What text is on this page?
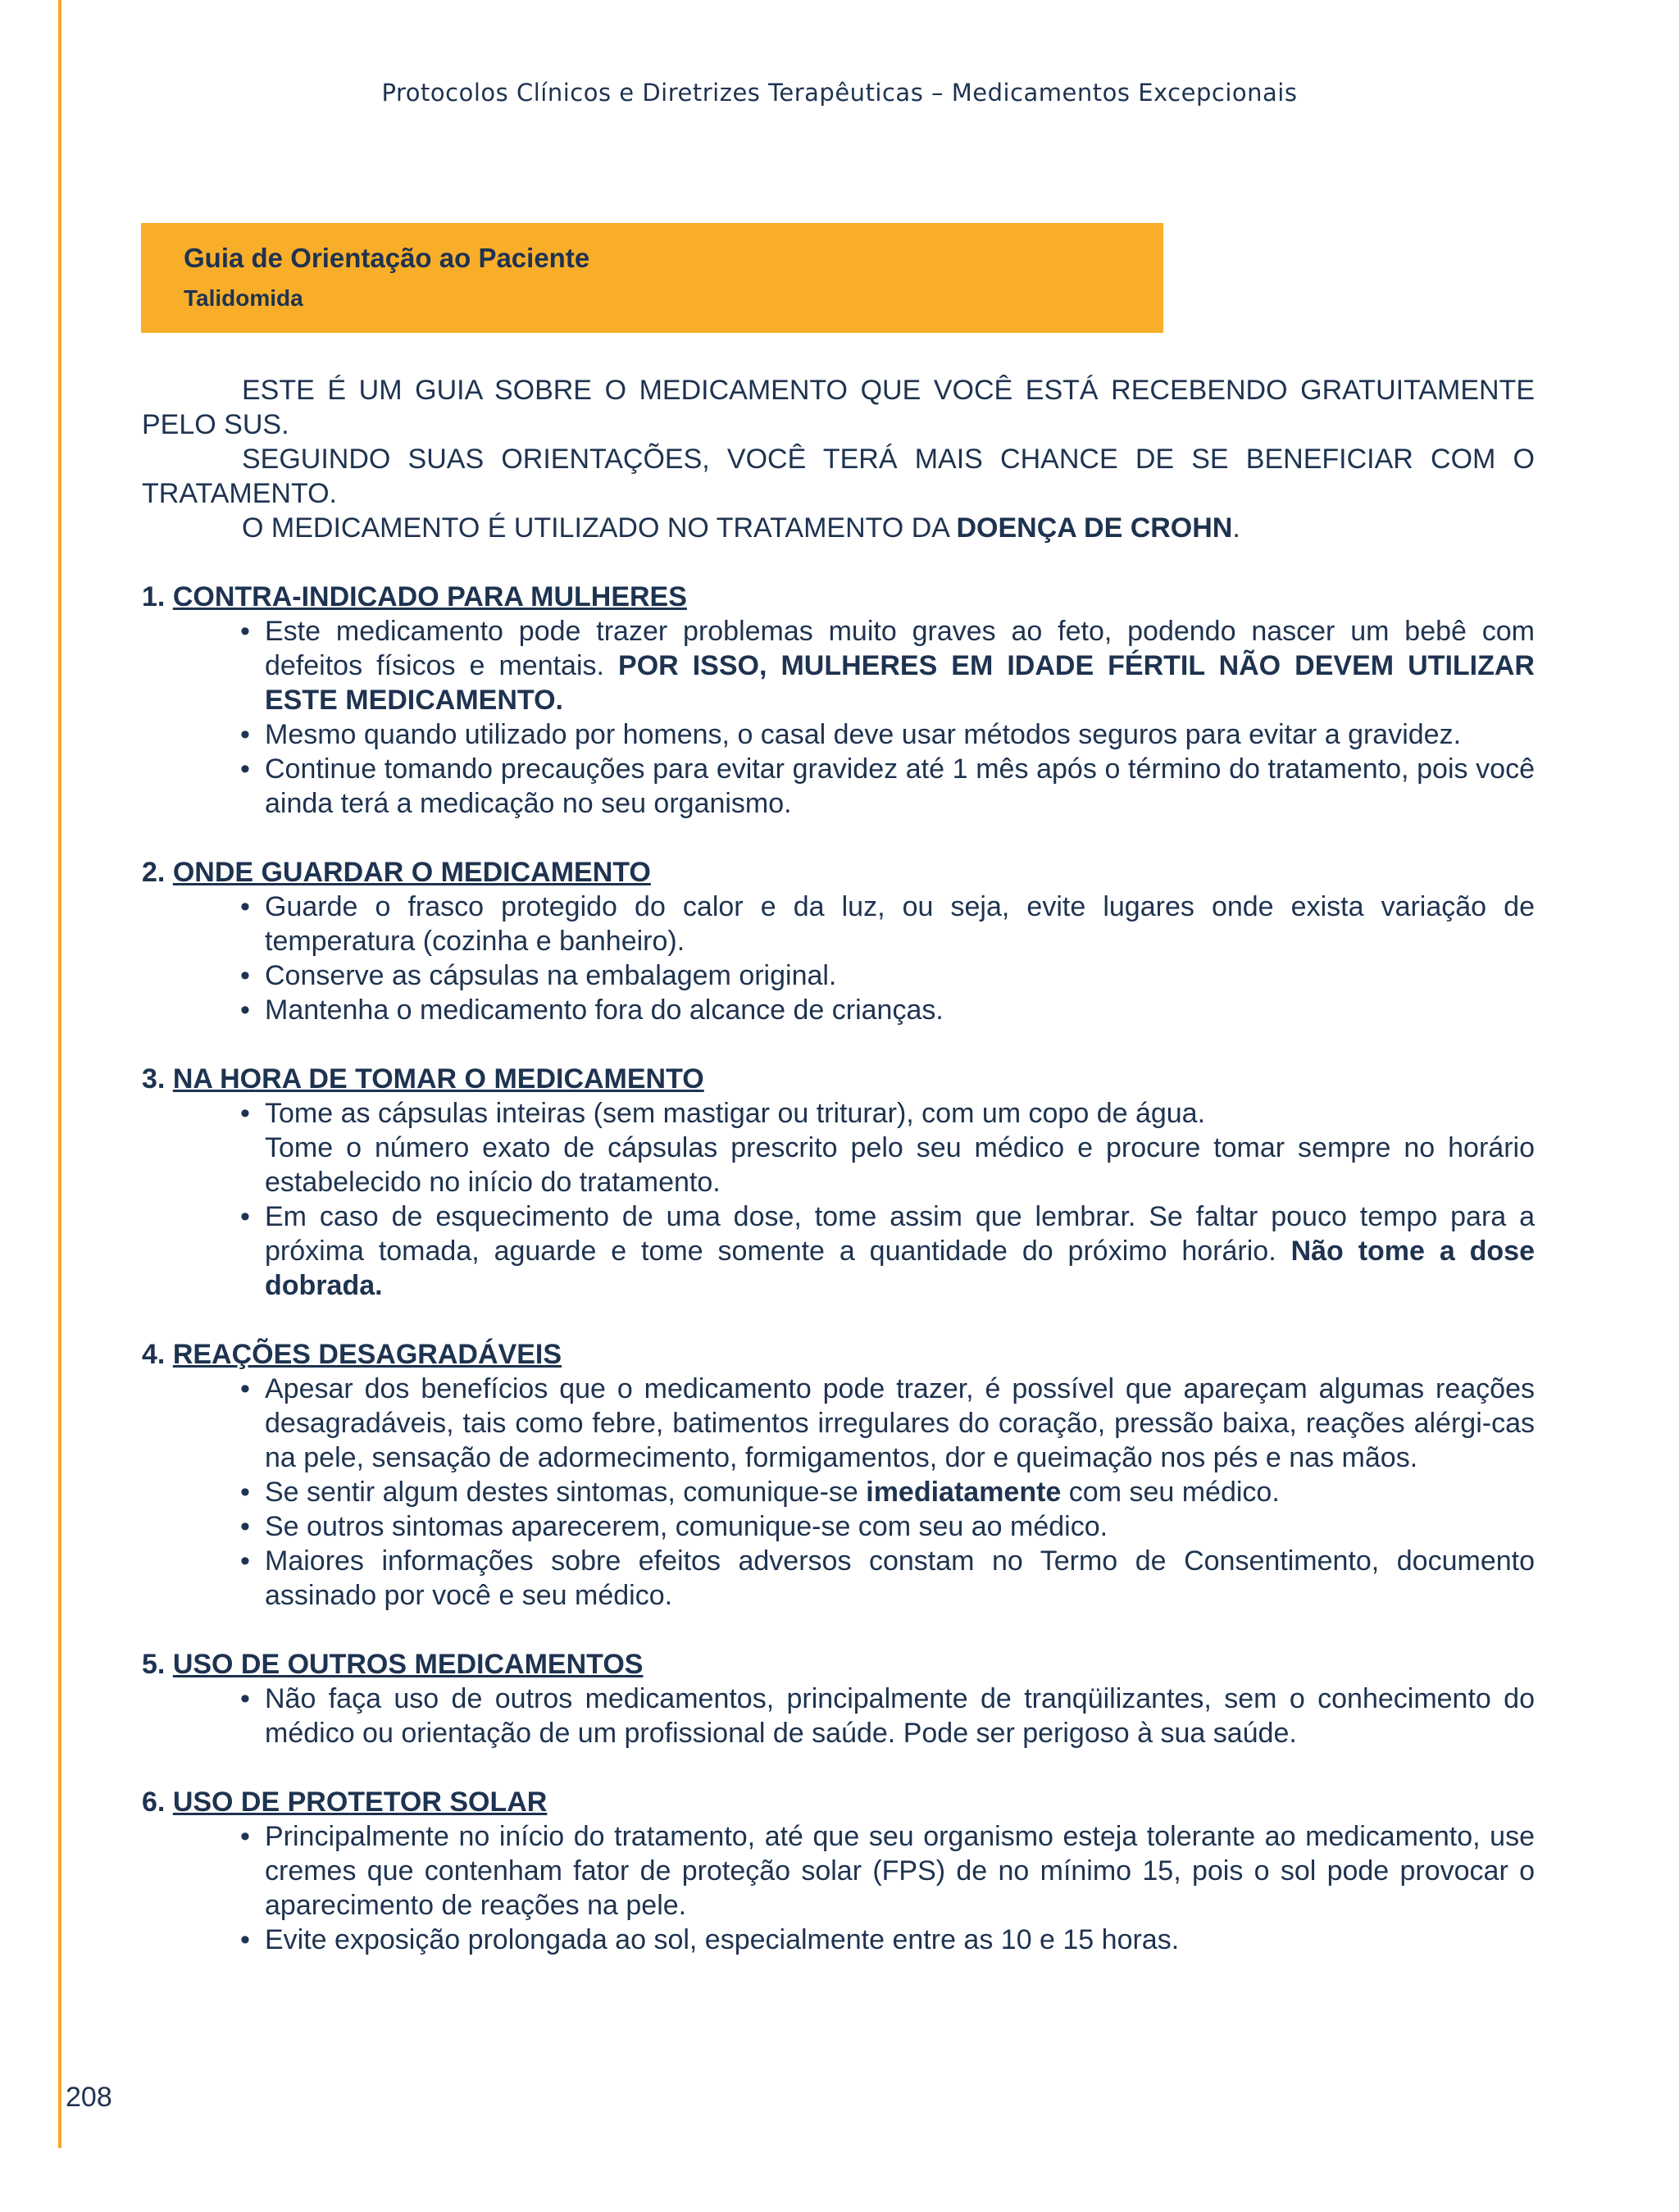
Protocolos Clínicos e Diretrizes Terapêuticas – Medicamentos Excepcionais
Guia de Orientação ao Paciente
Talidomida

ESTE É UM GUIA SOBRE O MEDICAMENTO QUE VOCÊ ESTÁ RECEBENDO GRATUITAMENTE PELO SUS.

SEGUINDO SUAS ORIENTAÇÕES, VOCÊ TERÁ MAIS CHANCE DE SE BENEFICIAR COM O TRATAMENTO.

O MEDICAMENTO É UTILIZADO NO TRATAMENTO DA DOENÇA DE CROHN.

1. CONTRA-INDICADO PARA MULHERES

• Este medicamento pode trazer problemas muito graves ao feto, podendo nascer um bebê com defeitos físicos e mentais. POR ISSO, MULHERES EM IDADE FÉRTIL NÃO DEVEM UTILIZAR ESTE MEDICAMENTO.
• Mesmo quando utilizado por homens, o casal deve usar métodos seguros para evitar a gravidez.
• Continue tomando precauções para evitar gravidez até 1 mês após o término do tratamento, pois você ainda terá a medicação no seu organismo.

2. ONDE GUARDAR O MEDICAMENTO

• Guarde o frasco protegido do calor e da luz, ou seja, evite lugares onde exista variação de temperatura (cozinha e banheiro).
• Conserve as cápsulas na embalagem original.
• Mantenha o medicamento fora do alcance de crianças.

3. NA HORA DE TOMAR O MEDICAMENTO

• Tome as cápsulas inteiras (sem mastigar ou triturar), com um copo de água.
Tome o número exato de cápsulas prescrito pelo seu médico e procure tomar sempre no horário estabelecido no início do tratamento.
• Em caso de esquecimento de uma dose, tome assim que lembrar. Se faltar pouco tempo para a próxima tomada, aguarde e tome somente a quantidade do próximo horário. Não tome a dose dobrada.

4. REAÇÕES DESAGRADÁVEIS

• Apesar dos benefícios que o medicamento pode trazer, é possível que apareçam algumas reações desagradáveis, tais como febre, batimentos irregulares do coração, pressão baixa, reações alérgi-cas na pele, sensação de adormecimento, formigamentos, dor e queimação nos pés e nas mãos.
• Se sentir algum destes sintomas, comunique-se imediatamente com seu médico.
• Se outros sintomas aparecerem, comunique-se com seu ao médico.
• Maiores informações sobre efeitos adversos constam no Termo de Consentimento, documento assinado por você e seu médico.

5. USO DE OUTROS MEDICAMENTOS

• Não faça uso de outros medicamentos, principalmente de tranqüilizantes, sem o conhecimento do médico ou orientação de um profissional de saúde. Pode ser perigoso à sua saúde.

6. USO DE PROTETOR SOLAR

• Principalmente no início do tratamento, até que seu organismo esteja tolerante ao medicamento, use cremes que contenham fator de proteção solar (FPS) de no mínimo 15, pois o sol pode provocar o aparecimento de reações na pele.
• Evite exposição prolongada ao sol, especialmente entre as 10 e 15 horas.
208
